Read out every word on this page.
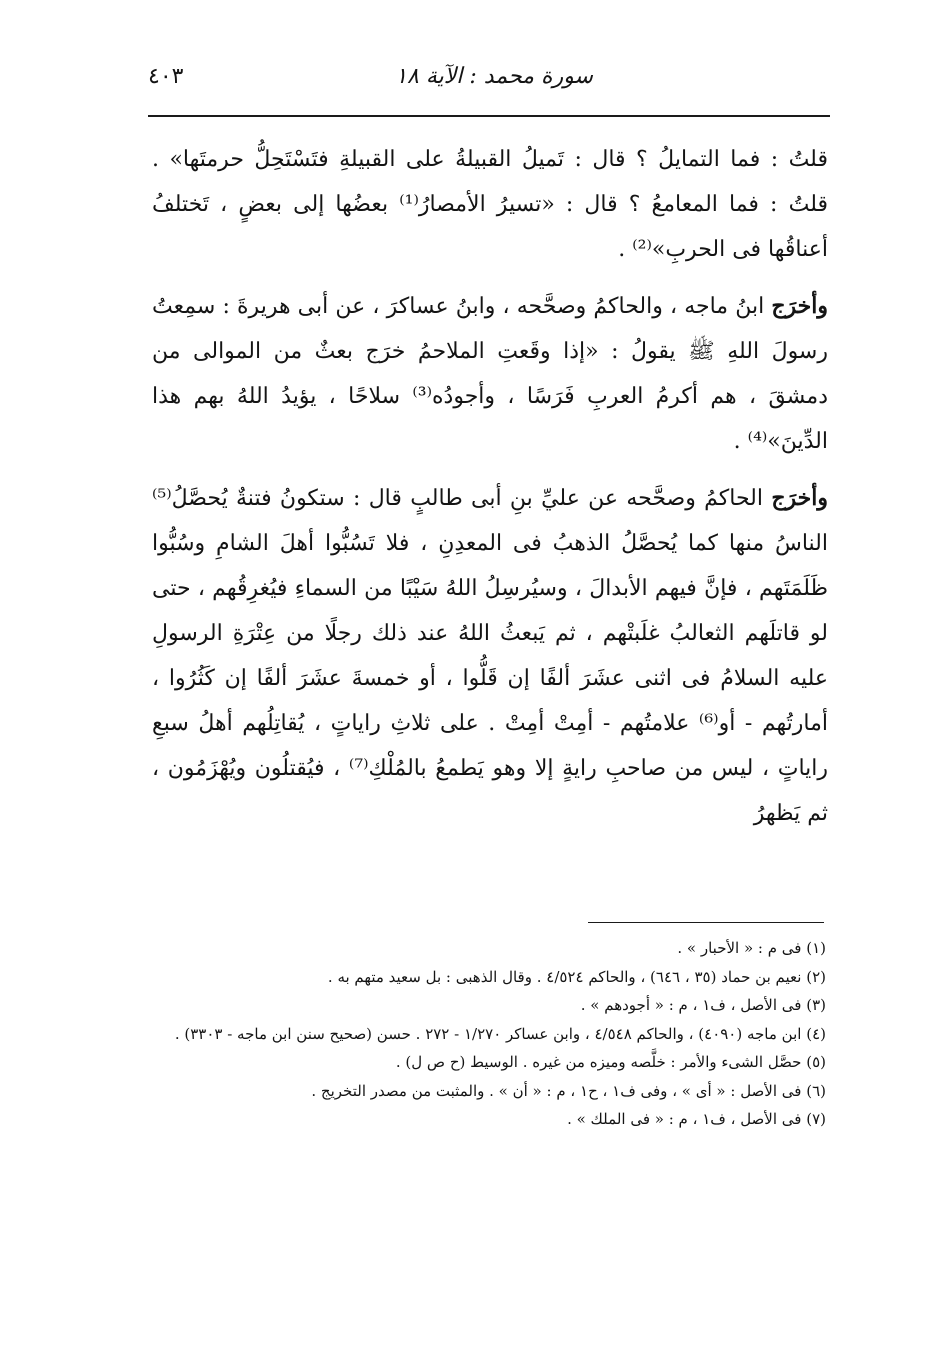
سورة محمد : الآية ١٨
٤٠٣

قلتُ : فما التمايلُ ؟ قال : تَميلُ القبيلةُ على القبيلةِ فتَسْتَحِلُّ حرمتَها» . قلتُ : فما المعامعُ ؟ قال : «تسيرُ الأمصارُ⁽¹⁾ بعضُها إلى بعضٍ ، تَختلفُ أعناقُها فى الحربِ»⁽²⁾ .

وأخرَج ابنُ ماجه ، والحاكمُ وصحَّحه ، وابنُ عساكرَ ، عن أبى هريرةَ : سمِعتُ رسولَ اللهِ ﷺ يقولُ : «إذا وقَعتِ الملاحمُ خرَج بعثٌ من الموالى من دمشقَ ، هم أكرمُ العربِ فَرَسًا ، وأجودُه⁽³⁾ سلاحًا ، يؤيدُ اللهُ بهم هذا الدِّينَ»⁽⁴⁾ .

وأخرَج الحاكمُ وصحَّحه عن عليِّ بنِ أبى طالبٍ قال : ستكونُ فتنةٌ يُحصَّلُ⁽⁵⁾ الناسُ منها كما يُحصَّلُ الذهبُ فى المعدِنِ ، فلا تَسُبُّوا أهلَ الشامِ وسُبُّوا ظَلَمَتَهم ، فإنَّ فيهم الأبدالَ ، وسيُرسِلُ اللهُ سَيْبًا من السماءِ فيُغرِقُهم ، حتى لو قاتلَهم الثعالبُ غلَبتْهم ، ثم يَبعثُ اللهُ عند ذلك رجلًا من عِتْرَةِ الرسولِ عليه السلامُ فى اثنى عشَرَ ألفًا إن قَلُّوا ، أو خمسةَ عشَرَ ألفًا إن كَثُرُوا ، أمارتُهم - أو⁽⁶⁾ علامتُهم - أمِتْ أمِتْ . على ثلاثِ راياتٍ ، يُقاتِلُهم أهلُ سبعِ راياتٍ ، ليس من صاحبِ رايةٍ إلا وهو يَطمعُ بالمُلْكِ⁽⁷⁾ ، فيُقتلُون ويُهْزَمُون ، ثم يَظهرُ

(١) فى م : « الأحبار » .

(٢) نعيم بن حماد (٣٥ ، ٦٤٦) ، والحاكم ٤/٥٢٤ . وقال الذهبى : بل سعيد متهم به .

(٣) فى الأصل ، ف١ ، م : « أجودهم » .

(٤) ابن ماجه (٤٠٩٠) ، والحاكم ٤/٥٤٨ ، وابن عساكر ١/٢٧٠ - ٢٧٢ . حسن (صحيح سنن ابن ماجه - ٣٣٠٣) .

(٥) حصَّل الشىء والأمر : خلَّصه وميزه من غيره . الوسيط (ح ص ل) .

(٦) فى الأصل : « أى » ، وفى ف١ ، ح١ ، م : « أن » . والمثبت من مصدر التخريج .

(٧) فى الأصل ، ف١ ، م : « فى الملك » .
